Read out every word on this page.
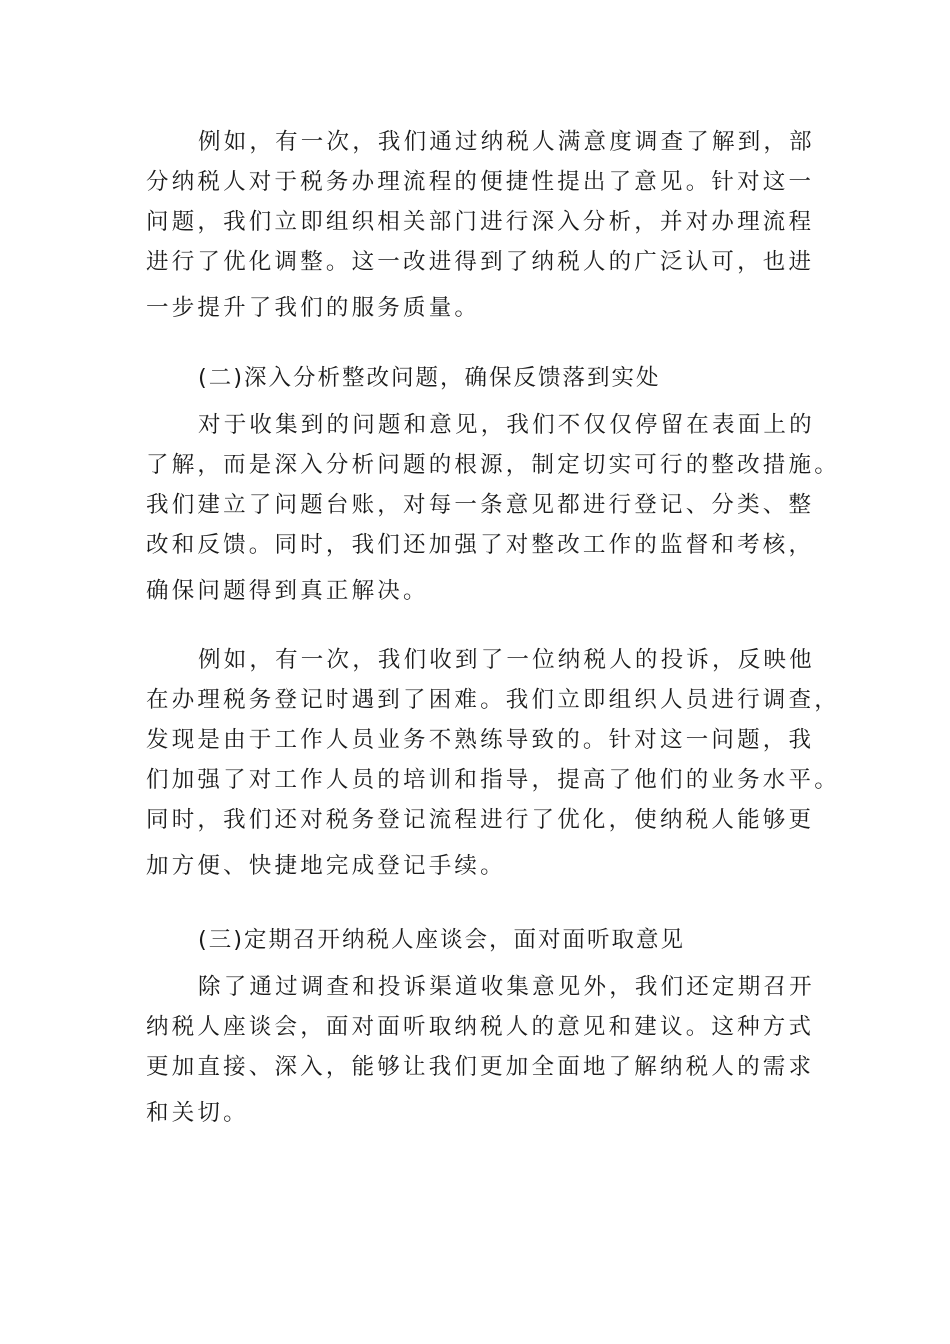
例如，有一次，我们通过纳税人满意度调查了解到，部
分纳税人对于税务办理流程的便捷性提出了意见。针对这一
问题，我们立即组织相关部门进行深入分析，并对办理流程
进行了优化调整。这一改进得到了纳税人的广泛认可，也进
一步提升了我们的服务质量。
(二)深入分析整改问题，确保反馈落到实处
对于收集到的问题和意见，我们不仅仅停留在表面上的
了解，而是深入分析问题的根源，制定切实可行的整改措施。
我们建立了问题台账，对每一条意见都进行登记、分类、整
改和反馈。同时，我们还加强了对整改工作的监督和考核，
确保问题得到真正解决。
例如，有一次，我们收到了一位纳税人的投诉，反映他
在办理税务登记时遇到了困难。我们立即组织人员进行调查，
发现是由于工作人员业务不熟练导致的。针对这一问题，我
们加强了对工作人员的培训和指导，提高了他们的业务水平。
同时，我们还对税务登记流程进行了优化，使纳税人能够更
加方便、快捷地完成登记手续。
(三)定期召开纳税人座谈会，面对面听取意见
除了通过调查和投诉渠道收集意见外，我们还定期召开
纳税人座谈会，面对面听取纳税人的意见和建议。这种方式
更加直接、深入，能够让我们更加全面地了解纳税人的需求
和关切。
